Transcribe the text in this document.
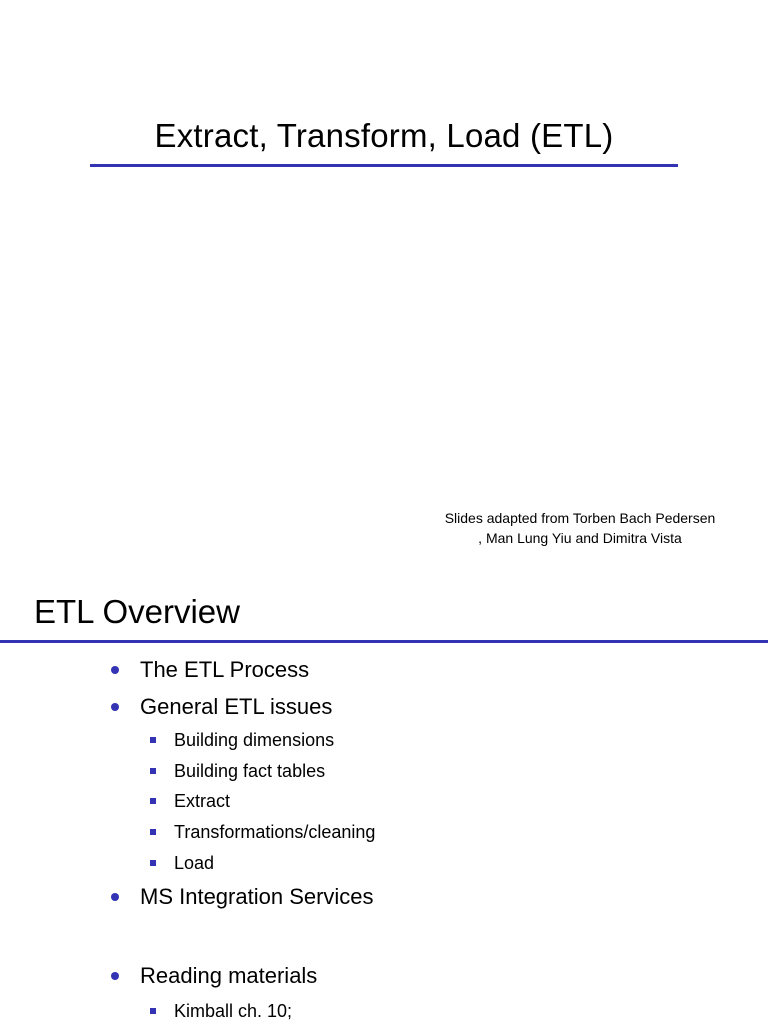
Extract, Transform, Load (ETL)
Slides adapted from Torben Bach Pedersen
, Man Lung Yiu and Dimitra Vista
ETL Overview
The ETL Process
General ETL issues
Building dimensions
Building fact tables
Extract
Transformations/cleaning
Load
MS Integration Services
Reading materials
Kimball ch. 10;
